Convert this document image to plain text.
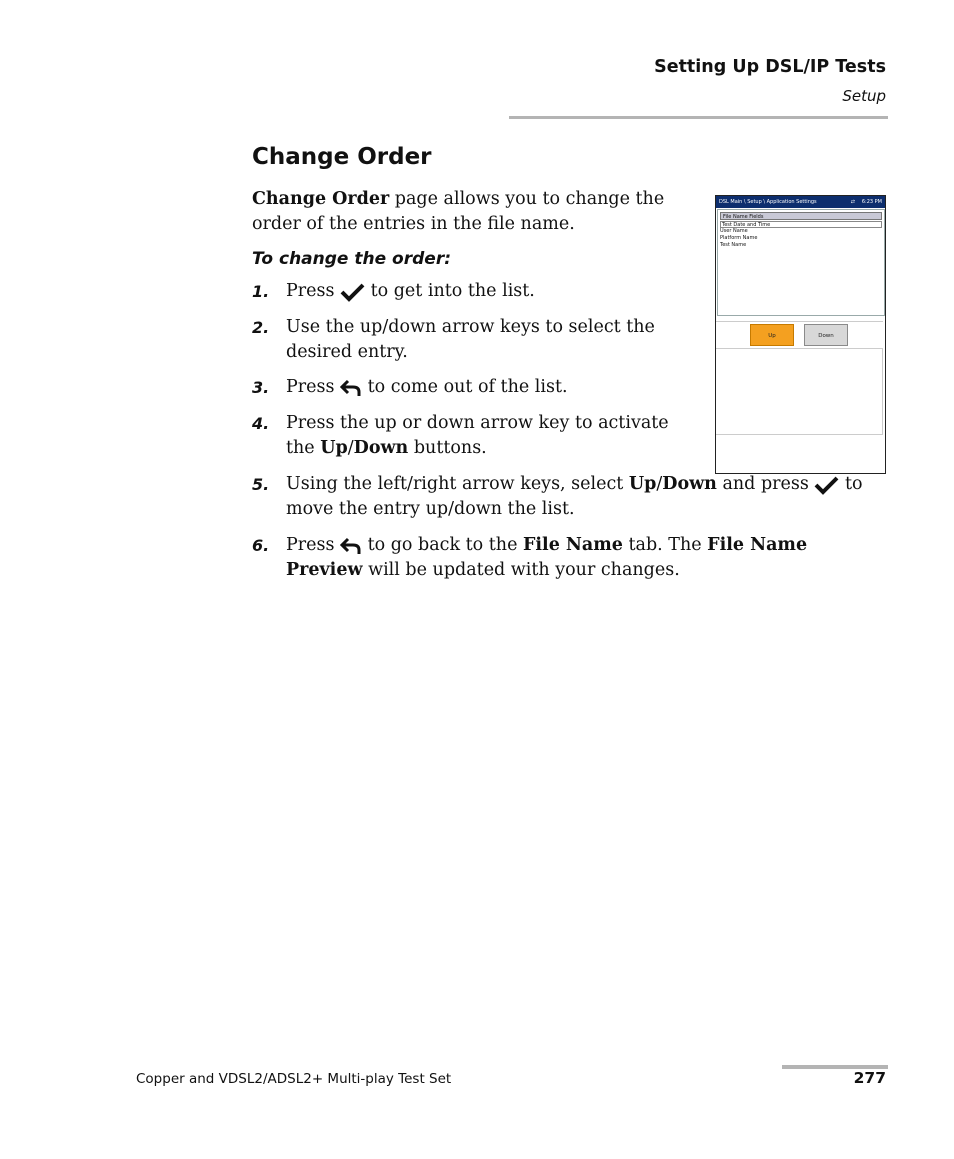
Setting Up DSL/IP Tests
Setup
Change Order
Change Order page allows you to change the order of the entries in the file name.
To change the order:
1. Press  to get into the list.
2. Use the up/down arrow keys to select the desired entry.
3. Press  to come out of the list.
4. Press the up or down arrow key to activate the Up/Down buttons.
5. Using the left/right arrow keys, select Up/Down and press  to move the entry up/down the list.
6. Press  to go back to the File Name tab. The File Name Preview will be updated with your changes.
DSL Main \ Setup \ Application Settings	⇄ 6:23 PM
File Name Fields
Test Date and Time
User Name
Platform Name
Test Name
Up	Down
Copper and VDSL2/ADSL2+ Multi-play Test Set	277
